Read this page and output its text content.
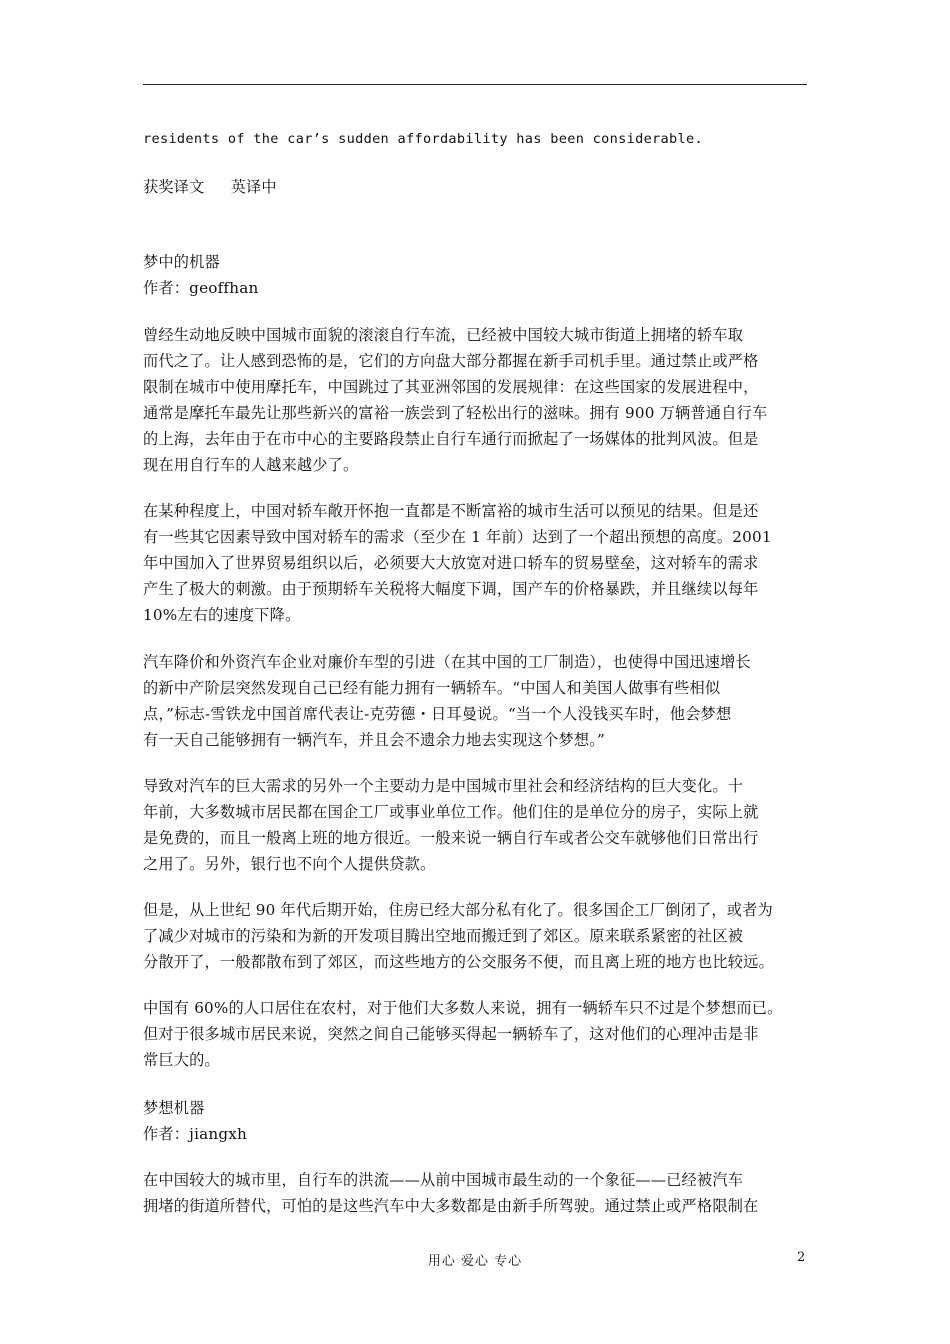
residents of the car’s sudden affordability has been considerable.
获奖译文 英译中
梦中的机器
作者：geoffhan
曾经生动地反映中国城市面貌的滚滚自行车流，已经被中国较大城市街道上拥堵的轿车取
而代之了。让人感到恐怖的是，它们的方向盘大部分都握在新手司机手里。通过禁止或严格
限制在城市中使用摩托车，中国跳过了其亚洲邻国的发展规律：在这些国家的发展进程中，
通常是摩托车最先让那些新兴的富裕一族尝到了轻松出行的滋味。拥有 900 万辆普通自行车
的上海，去年由于在市中心的主要路段禁止自行车通行而掀起了一场媒体的批判风波。但是
现在用自行车的人越来越少了。
在某种程度上，中国对轿车敞开怀抱一直都是不断富裕的城市生活可以预见的结果。但是还
有一些其它因素导致中国对轿车的需求（至少在 1 年前）达到了一个超出预想的高度。2001
年中国加入了世界贸易组织以后，必须要大大放宽对进口轿车的贸易壁垒，这对轿车的需求
产生了极大的刺激。由于预期轿车关税将大幅度下调，国产车的价格暴跌，并且继续以每年
10%左右的速度下降。
汽车降价和外资汽车企业对廉价车型的引进（在其中国的工厂制造），也使得中国迅速增长
的新中产阶层突然发现自己已经有能力拥有一辆轿车。“中国人和美国人做事有些相似
点，”标志-雪铁龙中国首席代表让-克劳德・日耳曼说。“当一个人没钱买车时，他会梦想
有一天自己能够拥有一辆汽车，并且会不遗余力地去实现这个梦想。”
导致对汽车的巨大需求的另外一个主要动力是中国城市里社会和经济结构的巨大变化。十
年前，大多数城市居民都在国企工厂或事业单位工作。他们住的是单位分的房子，实际上就
是免费的，而且一般离上班的地方很近。一般来说一辆自行车或者公交车就够他们日常出行
之用了。另外，银行也不向个人提供贷款。
但是，从上世纪 90 年代后期开始，住房已经大部分私有化了。很多国企工厂倒闭了，或者为
了减少对城市的污染和为新的开发项目腾出空地而搬迁到了郊区。原来联系紧密的社区被
分散开了，一般都散布到了郊区，而这些地方的公交服务不便，而且离上班的地方也比较远。
中国有 60%的人口居住在农村，对于他们大多数人来说，拥有一辆轿车只不过是个梦想而已。
但对于很多城市居民来说，突然之间自己能够买得起一辆轿车了，这对他们的心理冲击是非
常巨大的。
梦想机器
作者：jiangxh
在中国较大的城市里，自行车的洪流——从前中国城市最生动的一个象征——已经被汽车
拥堵的街道所替代，可怕的是这些汽车中大多数都是由新手所驾驶。通过禁止或严格限制在
用心 爱心 专心	2
